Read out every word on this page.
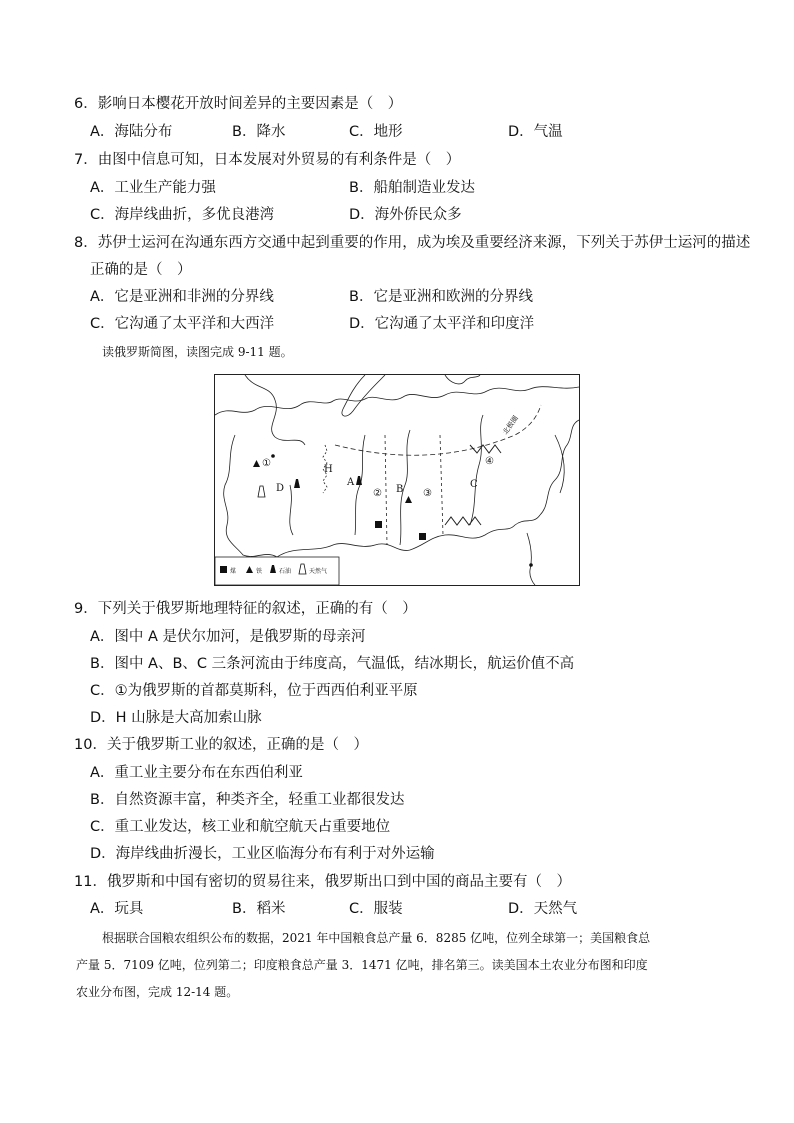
6．影响日本樱花开放时间差异的主要因素是（　）
A．海陆分布	B．降水	C．地形	D．气温
7．由图中信息可知，日本发展对外贸易的有利条件是（　）
A．工业生产能力强	B．船舶制造业发达
C．海岸线曲折，多优良港湾	D．海外侨民众多
8．苏伊士运河在沟通东西方交通中起到重要的作用，成为埃及重要经济来源，下列关于苏伊士运河的描述
正确的是（　）
A．它是亚洲和非洲的分界线	B．它是亚洲和欧洲的分界线
C．它沟通了太平洋和大西洋	D．它沟通了太平洋和印度洋
读俄罗斯简图，读图完成 9-11 题。
H
A
B	C
D
①
②	③
④
北极圈
煤	铁	石油	天然气
9．下列关于俄罗斯地理特征的叙述，正确的有（　）
A．图中 A 是伏尔加河，是俄罗斯的母亲河
B．图中 A、B、C 三条河流由于纬度高，气温低，结冰期长，航运价值不高
C．①为俄罗斯的首都莫斯科，位于西西伯利亚平原
D．H 山脉是大高加索山脉
10．关于俄罗斯工业的叙述，正确的是（　）
A．重工业主要分布在东西伯利亚
B．自然资源丰富，种类齐全，轻重工业都很发达
C．重工业发达，核工业和航空航天占重要地位
D．海岸线曲折漫长，工业区临海分布有利于对外运输
11．俄罗斯和中国有密切的贸易往来，俄罗斯出口到中国的商品主要有（　）
A．玩具	B．稻米	C．服装	D．天然气
根据联合国粮农组织公布的数据，2021 年中国粮食总产量 6．8285 亿吨，位列全球第一；美国粮食总
产量 5．7109 亿吨，位列第二；印度粮食总产量 3．1471 亿吨，排名第三。读美国本土农业分布图和印度
农业分布图，完成 12-14 题。
